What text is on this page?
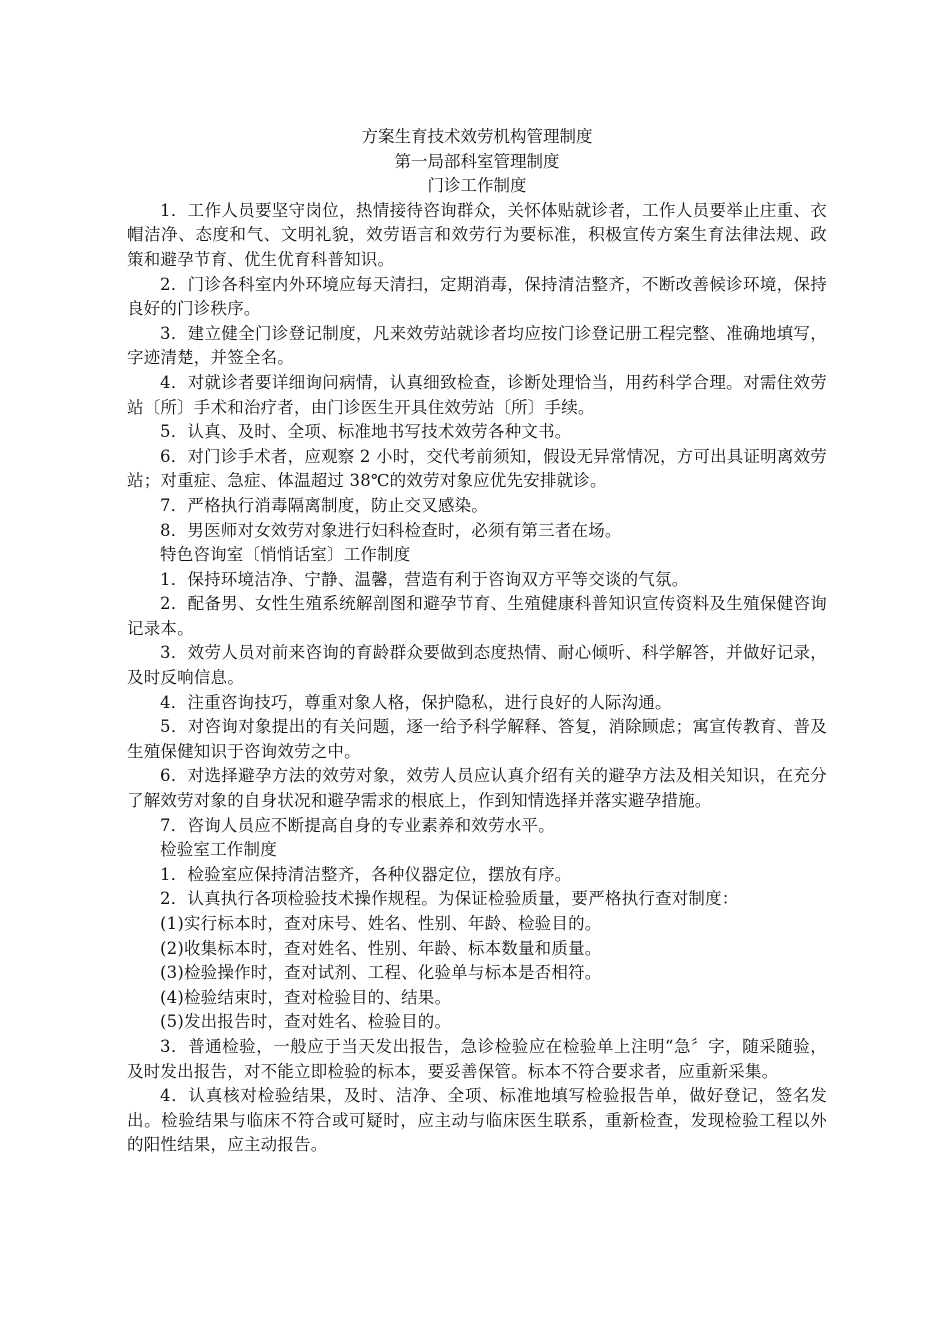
方案生育技术效劳机构管理制度
第一局部科室管理制度
门诊工作制度

1．工作人员要坚守岗位，热情接待咨询群众，关怀体贴就诊者，工作人员要举止庄重、衣帽洁净、态度和气、文明礼貌，效劳语言和效劳行为要标准，积极宣传方案生育法律法规、政策和避孕节育、优生优育科普知识。

2．门诊各科室内外环境应每天清扫，定期消毒，保持清洁整齐，不断改善候诊环境，保持良好的门诊秩序。

3．建立健全门诊登记制度，凡来效劳站就诊者均应按门诊登记册工程完整、准确地填写，字迹清楚，并签全名。

4．对就诊者要详细询问病情，认真细致检查，诊断处理恰当，用药科学合理。对需住效劳站〔所〕手术和治疗者，由门诊医生开具住效劳站〔所〕手续。

5．认真、及时、全项、标准地书写技术效劳各种文书。

6．对门诊手术者，应观察 2 小时，交代考前须知，假设无异常情况，方可出具证明离效劳站；对重症、急症、体温超过 38℃的效劳对象应优先安排就诊。

7．严格执行消毒隔离制度，防止交叉感染。

8．男医师对女效劳对象进行妇科检查时，必须有第三者在场。

特色咨询室〔悄悄话室〕工作制度

1．保持环境洁净、宁静、温馨，营造有利于咨询双方平等交谈的气氛。

2．配备男、女性生殖系统解剖图和避孕节育、生殖健康科普知识宣传资料及生殖保健咨询记录本。

3．效劳人员对前来咨询的育龄群众要做到态度热情、耐心倾听、科学解答，并做好记录，及时反响信息。

4．注重咨询技巧，尊重对象人格，保护隐私，进行良好的人际沟通。

5．对咨询对象提出的有关问题，逐一给予科学解释、答复，消除顾虑；寓宣传教育、普及生殖保健知识于咨询效劳之中。

6．对选择避孕方法的效劳对象，效劳人员应认真介绍有关的避孕方法及相关知识，在充分了解效劳对象的自身状况和避孕需求的根底上，作到知情选择并落实避孕措施。

7．咨询人员应不断提高自身的专业素养和效劳水平。

检验室工作制度

1．检验室应保持清洁整齐，各种仪器定位，摆放有序。

2．认真执行各项检验技术操作规程。为保证检验质量，要严格执行查对制度：

(1)实行标本时，查对床号、姓名、性别、年龄、检验目的。

(2)收集标本时，查对姓名、性别、年龄、标本数量和质量。

(3)检验操作时，查对试剂、工程、化验单与标本是否相符。

(4)检验结束时，查对检验目的、结果。

(5)发出报告时，查对姓名、检验目的。

3．普通检验，一般应于当天发出报告，急诊检验应在检验单上注明“急〞字，随采随验，及时发出报告，对不能立即检验的标本，要妥善保管。标本不符合要求者，应重新采集。

4．认真核对检验结果，及时、洁净、全项、标准地填写检验报告单，做好登记，签名发出。检验结果与临床不符合或可疑时，应主动与临床医生联系，重新检查，发现检验工程以外的阳性结果，应主动报告。
